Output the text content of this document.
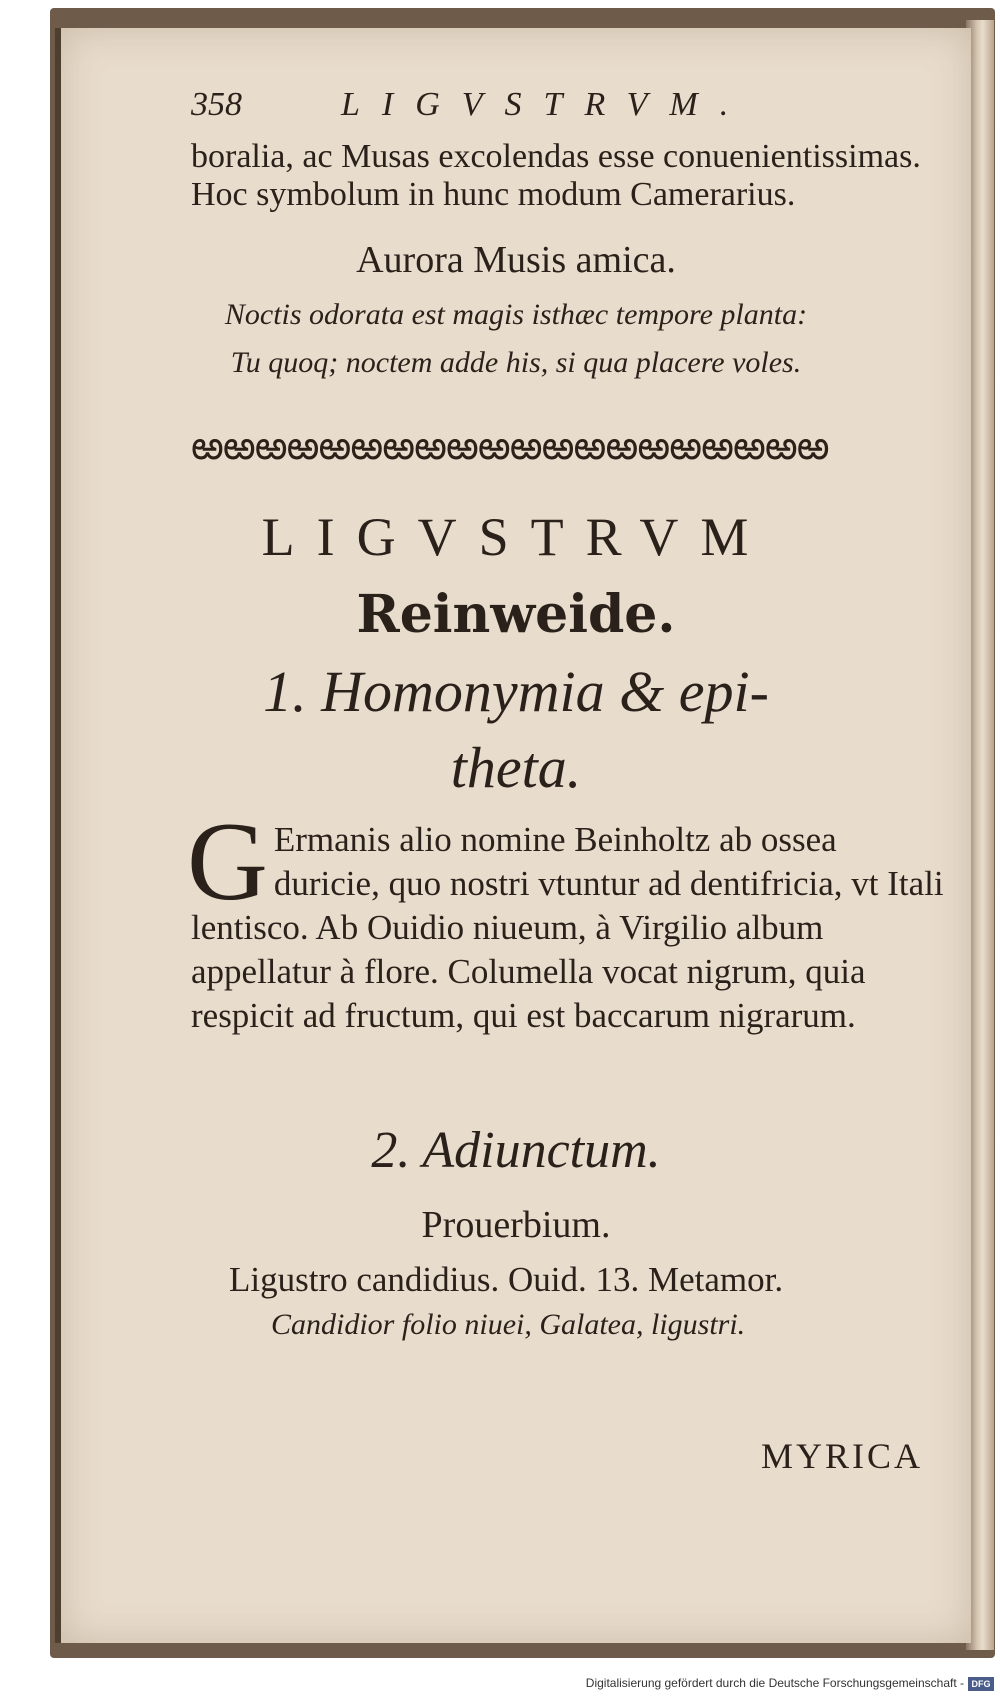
358	LIGVSTRVM.
boralia, ac Musas excolendas esse conuenientissimas. Hoc symbolum in hunc modum Camerarius.
Aurora Musis amica.
Noctis odorata est magis isthæc tempore planta:
Tu quoq; noctem adde his, si qua placere voles.
ఱఱఱఱఱఱఱఱఱఱఱఱఱఱఱఱఱఱఱఱ
LIGVSTRVM
Reinweide.
1. Homonymia & epi-
theta.
G Ermanis alio nomine Beinholtz ab ossea duricie, quo nostri vtuntur ad dentifricia, vt Itali lentisco. Ab Ouidio niueum, à Virgilio album appellatur à flore. Columella vocat nigrum, quia respicit ad fructum, qui est baccarum nigrarum.
2. Adiunctum.
Prouerbium.
Ligustro candidius. Ouid. 13. Metamor.
Candidior folio niuei, Galatea, ligustri.
MYRICA
Digitalisierung gefördert durch die Deutsche Forschungsgemeinschaft - DFG
